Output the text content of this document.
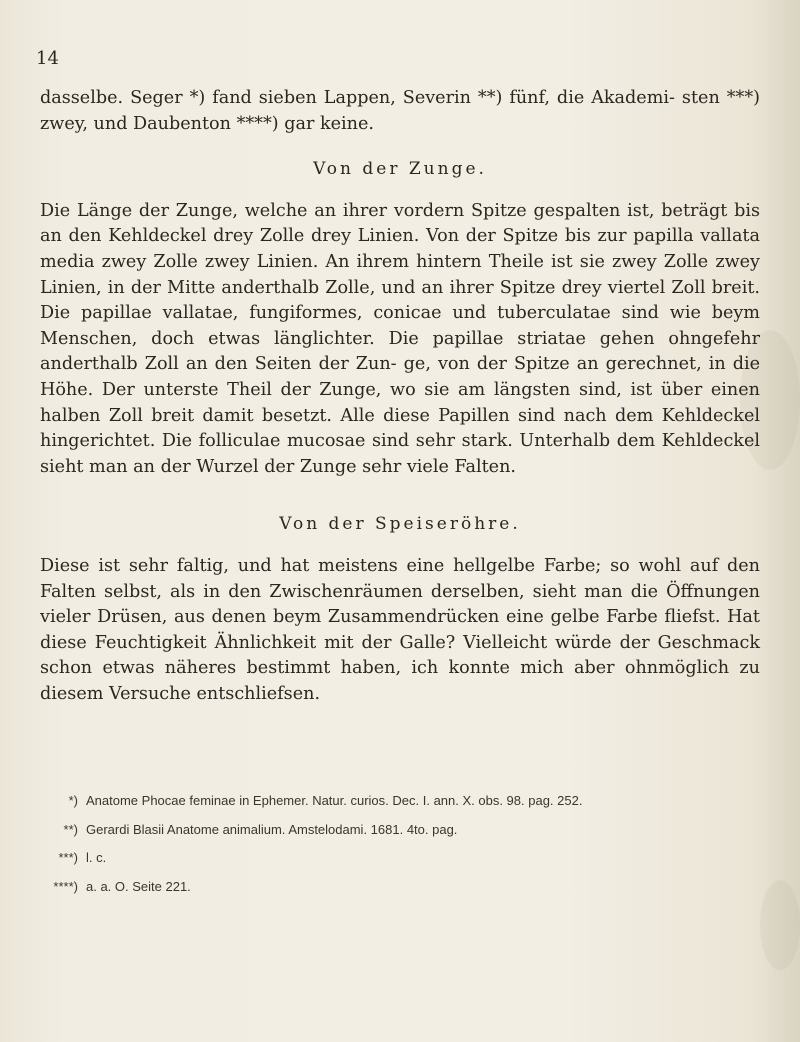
14

dasselbe. Seger *) fand sieben Lappen, Severin **) fünf, die Akademi- sten ***) zwey, und Daubenton ****) gar keine.

Von der Zunge.

Die Länge der Zunge, welche an ihrer vordern Spitze gespalten ist, beträgt bis an den Kehldeckel drey Zolle drey Linien. Von der Spitze bis zur papilla vallata media zwey Zolle zwey Linien. An ihrem hintern Theile ist sie zwey Zolle zwey Linien, in der Mitte anderthalb Zolle, und an ihrer Spitze drey viertel Zoll breit. Die papillae vallatae, fungiformes, conicae und tuberculatae sind wie beym Menschen, doch etwas länglichter. Die papillae striatae gehen ohngefehr anderthalb Zoll an den Seiten der Zun- ge, von der Spitze an gerechnet, in die Höhe. Der unterste Theil der Zunge, wo sie am längsten sind, ist über einen halben Zoll breit damit besetzt. Alle diese Papillen sind nach dem Kehldeckel hingerichtet. Die folliculae mucosae sind sehr stark. Unterhalb dem Kehldeckel sieht man an der Wurzel der Zunge sehr viele Falten.

Von der Speiseröhre.

Diese ist sehr faltig, und hat meistens eine hellgelbe Farbe; so wohl auf den Falten selbst, als in den Zwischenräumen derselben, sieht man die Öffnungen vieler Drüsen, aus denen beym Zusammendrücken eine gelbe Farbe fliefst. Hat diese Feuchtigkeit Ähnlichkeit mit der Galle? Vielleicht würde der Geschmack schon etwas näheres bestimmt haben, ich konnte mich aber ohnmöglich zu diesem Versuche entschliefsen.

*) Anatome Phocae feminae in Ephemer. Natur. curios. Dec. I. ann. X. obs. 98. pag. 252.
**) Gerardi Blasii Anatome animalium. Amstelodami. 1681. 4to. pag.
***) l. c.
****) a. a. O. Seite 221.
